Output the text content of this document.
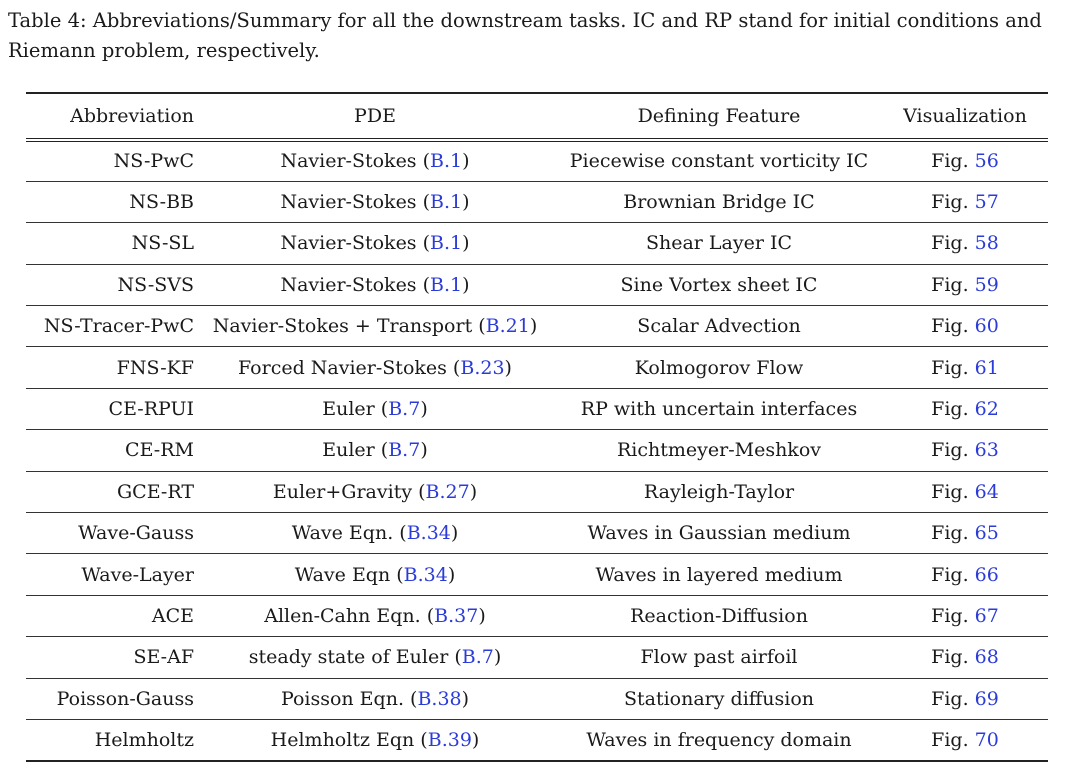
Table 4: Abbreviations/Summary for all the downstream tasks. IC and RP stand for initial conditions and Riemann problem, respectively.

Abbreviation	PDE	Defining Feature	Visualization
NS-PwC	Navier-Stokes (B.1)	Piecewise constant vorticity IC	Fig. 56
NS-BB	Navier-Stokes (B.1)	Brownian Bridge IC	Fig. 57
NS-SL	Navier-Stokes (B.1)	Shear Layer IC	Fig. 58
NS-SVS	Navier-Stokes (B.1)	Sine Vortex sheet IC	Fig. 59
NS-Tracer-PwC	Navier-Stokes + Transport (B.21)	Scalar Advection	Fig. 60
FNS-KF	Forced Navier-Stokes (B.23)	Kolmogorov Flow	Fig. 61
CE-RPUI	Euler (B.7)	RP with uncertain interfaces	Fig. 62
CE-RM	Euler (B.7)	Richtmeyer-Meshkov	Fig. 63
GCE-RT	Euler+Gravity (B.27)	Rayleigh-Taylor	Fig. 64
Wave-Gauss	Wave Eqn. (B.34)	Waves in Gaussian medium	Fig. 65
Wave-Layer	Wave Eqn (B.34)	Waves in layered medium	Fig. 66
ACE	Allen-Cahn Eqn. (B.37)	Reaction-Diffusion	Fig. 67
SE-AF	steady state of Euler (B.7)	Flow past airfoil	Fig. 68
Poisson-Gauss	Poisson Eqn. (B.38)	Stationary diffusion	Fig. 69
Helmholtz	Helmholtz Eqn (B.39)	Waves in frequency domain	Fig. 70
